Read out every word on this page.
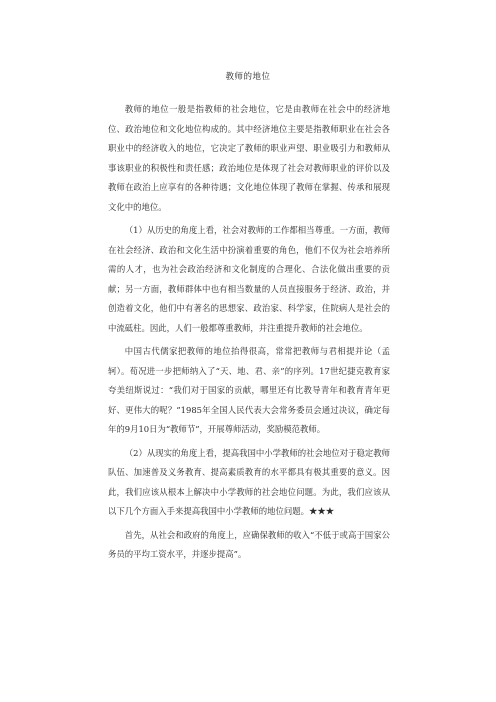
教师的地位

教师的地位一般是指教师的社会地位，它是由教师在社会中的经济地位、政治地位和文化地位构成的。其中经济地位主要是指教师职业在社会各职业中的经济收入的地位，它决定了教师的职业声望、职业吸引力和教师从事该职业的积极性和责任感；政治地位是体现了社会对教师职业的评价以及教师在政治上应享有的各种待遇；文化地位体现了教师在掌握、传承和展现文化中的地位。

（1）从历史的角度上看，社会对教师的工作都相当尊重。一方面，教师在社会经济、政治和文化生活中扮演着重要的角色，他们不仅为社会培养所需的人才，也为社会政治经济和文化制度的合理化、合法化做出重要的贡献；另一方面，教师群体中也有相当数量的人员直接服务于经济、政治，并创造着文化，他们中有著名的思想家、政治家、科学家，住院病人是社会的中流砥柱。因此，人们一般都尊重教师，并注重提升教师的社会地位。

中国古代儒家把教师的地位抬得很高，常常把教师与君相提并论（孟轲）。荀况进一步把师纳入了“天、地、君、亲”的序列。17世纪捷克教育家夸美纽斯说过：“我们对于国家的贡献，哪里还有比教导青年和教育青年更好、更伟大的呢？”1985年全国人民代表大会常务委员会通过决议，确定每年的9月10日为“教师节”，开展尊师活动，奖励模范教师。

（2）从现实的角度上看，提高我国中小学教师的社会地位对于稳定教师队伍、加速普及义务教育、提高素质教育的水平都具有极其重要的意义。因此，我们应该从根本上解决中小学教师的社会地位问题。为此，我们应该从以下几个方面入手来提高我国中小学教师的地位问题。★★★

首先，从社会和政府的角度上，应确保教师的收入“不低于或高于国家公务员的平均工资水平，并逐步提高”。
